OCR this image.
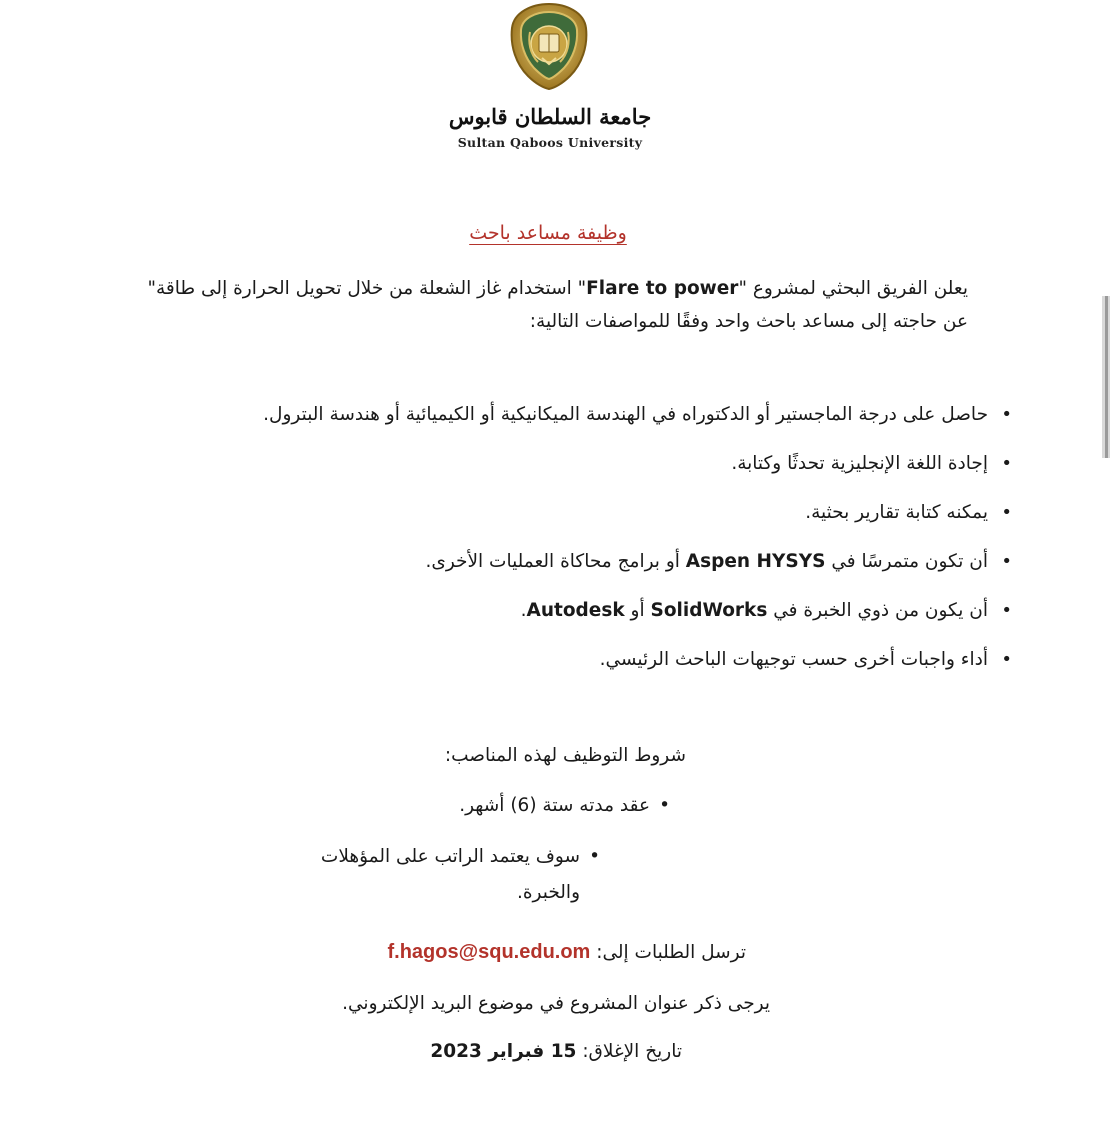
جامعة السلطان قابوس
Sultan Qaboos University
وظيفة مساعد باحث
يعلن الفريق البحثي لمشروع "Flare to power" استخدام غاز الشعلة من خلال تحويل الحرارة إلى طاقة" عن حاجته إلى مساعد باحث واحد وفقًا للمواصفات التالية:
• حاصل على درجة الماجستير أو الدكتوراه في الهندسة الميكانيكية أو الكيميائية أو هندسة البترول.
• إجادة اللغة الإنجليزية تحدثًا وكتابة.
• يمكنه كتابة تقارير بحثية.
• أن تكون متمرسًا في Aspen HYSYS أو برامج محاكاة العمليات الأخرى.
• أن يكون من ذوي الخبرة في SolidWorks أو Autodesk.
• أداء واجبات أخرى حسب توجيهات الباحث الرئيسي.
شروط التوظيف لهذه المناصب:
• عقد مدته ستة (6) أشهر.
• سوف يعتمد الراتب على المؤهلات والخبرة.
ترسل الطلبات إلى: f.hagos@squ.edu.om
يرجى ذكر عنوان المشروع في موضوع البريد الإلكتروني.
تاريخ الإغلاق: 15 فبراير 2023
